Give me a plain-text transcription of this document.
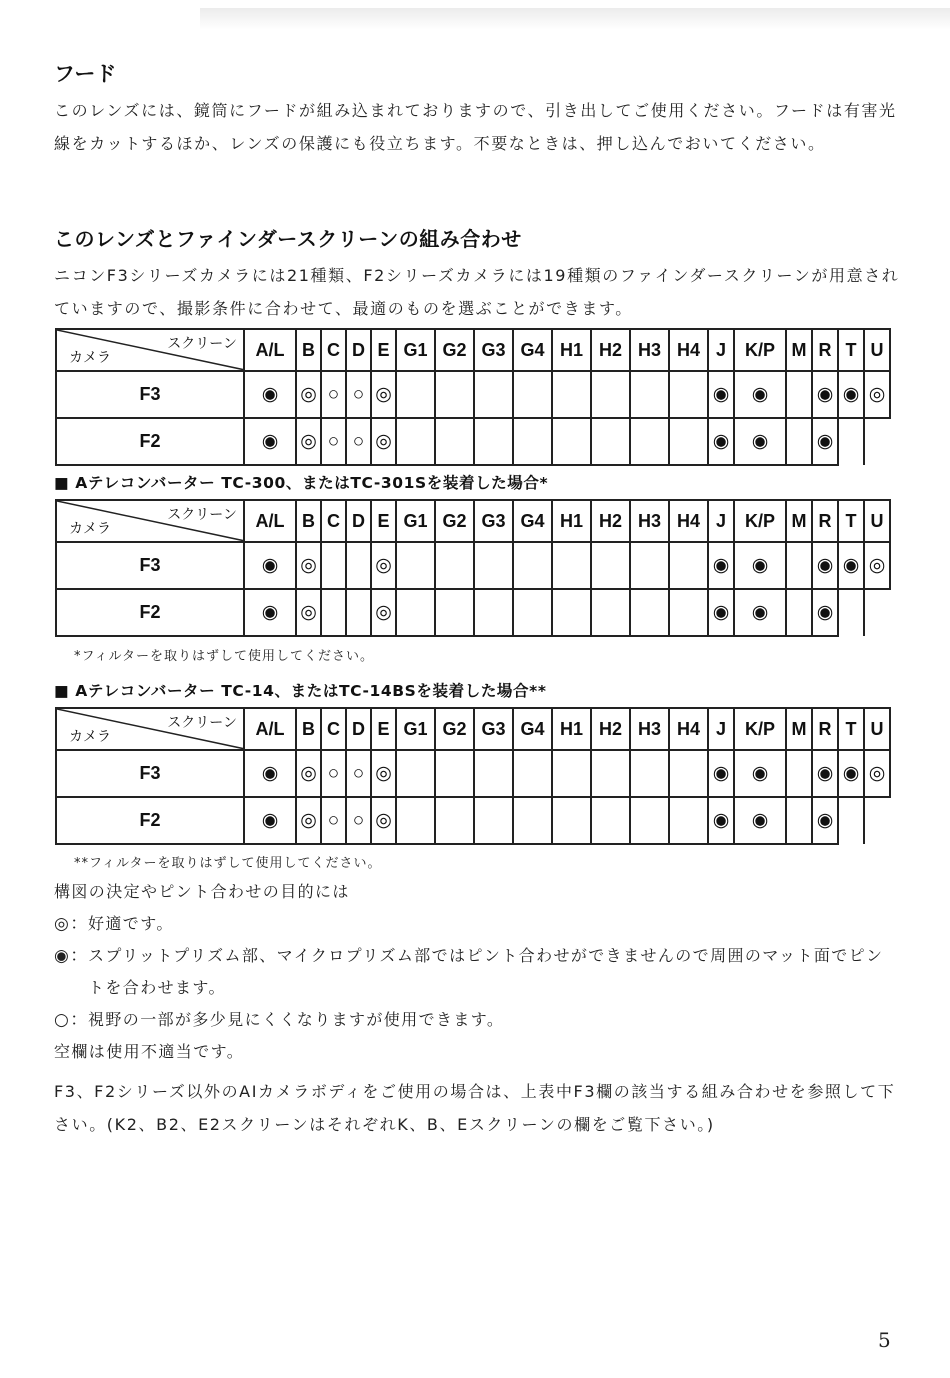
フード

このレンズには、鏡筒にフードが組み込まれておりますので、引き出してご使用ください。フードは有害光線をカットするほか、レンズの保護にも役立ちます。不要なときは、押し込んでおいてください。

このレンズとファインダースクリーンの組み合わせ

ニコンF3シリーズカメラには21種類、F2シリーズカメラには19種類のファインダースクリーンが用意されていますので、撮影条件に合わせて、最適のものを選ぶことができます。

スクリーン
カメラ	A/L	B	C	D	E	G1	G2	G3	G4	H1	H2	H3	H4	J	K/P	M	R	T	U
F3	◉	◎	○	○	◎									◉	◉		◉	◉	◎
F2	◉	◎	○	○	◎									◉	◉		◉		
■ Aテレコンバーター TC-300、またはTC-301Sを装着した場合*
スクリーン
カメラ	A/L	B	C	D	E	G1	G2	G3	G4	H1	H2	H3	H4	J	K/P	M	R	T	U
F3	◉	◎			◎									◉	◉		◉	◉	◎
F2	◉	◎			◎									◉	◉		◉		
*フィルターを取りはずして使用してください。
■ Aテレコンバーター TC-14、またはTC-14BSを装着した場合**
スクリーン
カメラ	A/L	B	C	D	E	G1	G2	G3	G4	H1	H2	H3	H4	J	K/P	M	R	T	U
F3	◉	◎	○	○	◎									◉	◉		◉	◉	◎
F2	◉	◎	○	○	◎									◉	◉		◉		
**フィルターを取りはずして使用してください。
構図の決定やピント合わせの目的には
◎：好適です。
◉： スプリットプリズム部、マイクロプリズム部ではピント合わせができませんので周囲のマット面でピントを合わせます。
○：視野の一部が多少見にくくなりますが使用できます。
空欄は使用不適当です。

F3、F2シリーズ以外のAIカメラボディをご使用の場合は、上表中F3欄の該当する組み合わせを参照して下さい。(K2、B2、E2スクリーンはそれぞれK、B、Eスクリーンの欄をご覧下さい。)

5
